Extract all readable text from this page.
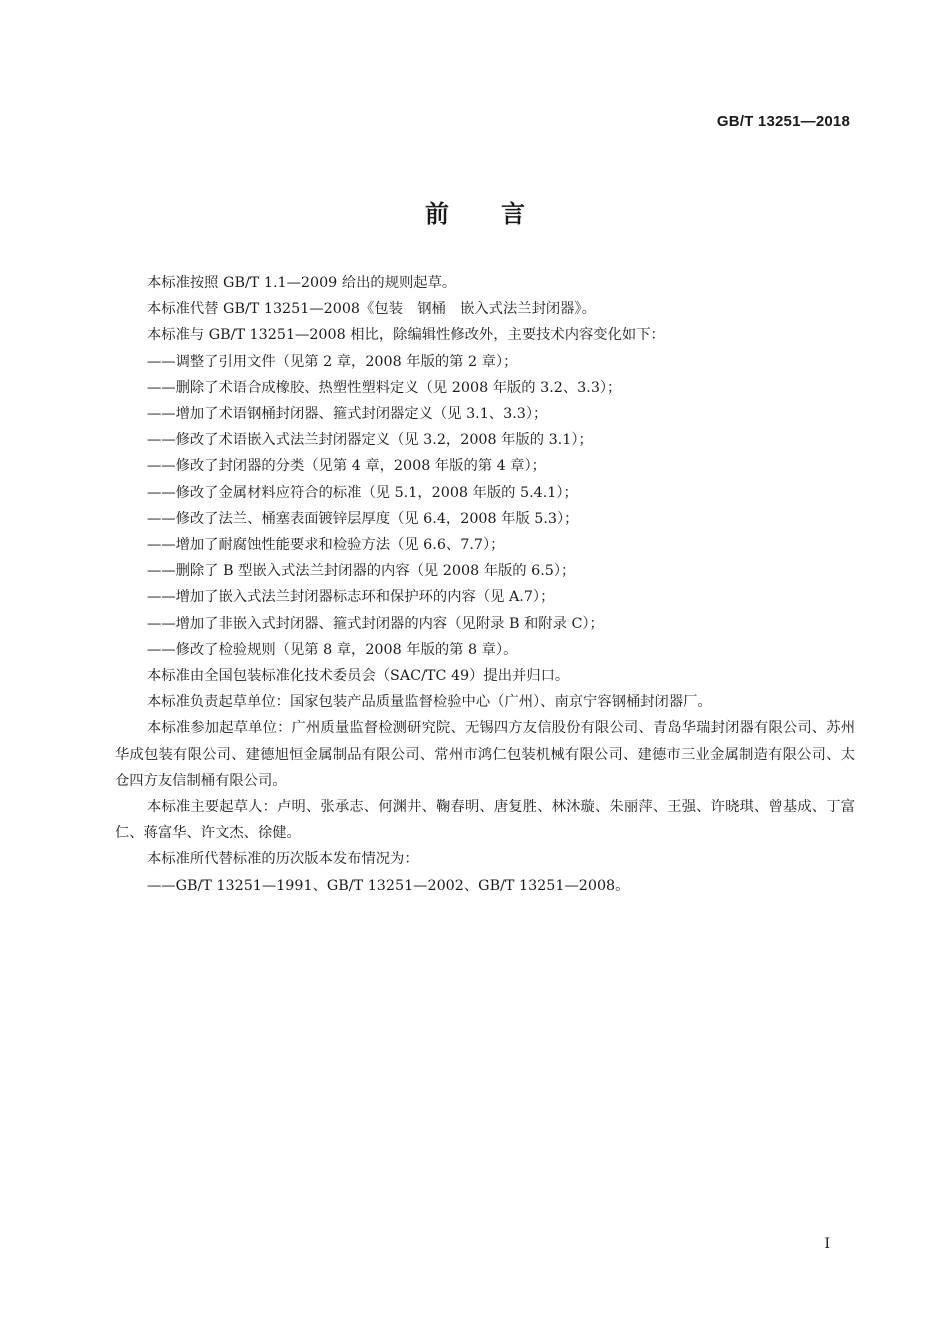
GB/T 13251—2018
前言

本标准按照 GB/T 1.1—2009 给出的规则起草。

本标准代替 GB/T 13251—2008《包装　钢桶　嵌入式法兰封闭器》。

本标准与 GB/T 13251—2008 相比，除编辑性修改外，主要技术内容变化如下：

——调整了引用文件（见第 2 章，2008 年版的第 2 章）；

——删除了术语合成橡胶、热塑性塑料定义（见 2008 年版的 3.2、3.3）；

——增加了术语钢桶封闭器、箍式封闭器定义（见 3.1、3.3）；

——修改了术语嵌入式法兰封闭器定义（见 3.2，2008 年版的 3.1）；

——修改了封闭器的分类（见第 4 章，2008 年版的第 4 章）；

——修改了金属材料应符合的标准（见 5.1，2008 年版的 5.4.1）；

——修改了法兰、桶塞表面镀锌层厚度（见 6.4，2008 年版 5.3）；

——增加了耐腐蚀性能要求和检验方法（见 6.6、7.7）；

——删除了 B 型嵌入式法兰封闭器的内容（见 2008 年版的 6.5）；

——增加了嵌入式法兰封闭器标志环和保护环的内容（见 A.7）；

——增加了非嵌入式封闭器、箍式封闭器的内容（见附录 B 和附录 C）；

——修改了检验规则（见第 8 章，2008 年版的第 8 章）。

本标准由全国包装标准化技术委员会（SAC/TC 49）提出并归口。

本标准负责起草单位：国家包装产品质量监督检验中心（广州）、南京宁容钢桶封闭器厂。

本标准参加起草单位：广州质量监督检测研究院、无锡四方友信股份有限公司、青岛华瑞封闭器有限公司、苏州华成包装有限公司、建德旭恒金属制品有限公司、常州市鸿仁包装机械有限公司、建德市三业金属制造有限公司、太仓四方友信制桶有限公司。

本标准主要起草人：卢明、张承志、何渊井、鞠春明、唐复胜、林沐璇、朱丽萍、王强、许晓琪、曾基成、丁富仁、蒋富华、许文杰、徐健。

本标准所代替标准的历次版本发布情况为：

——GB/T 13251—1991、GB/T 13251—2002、GB/T 13251—2008。

I
